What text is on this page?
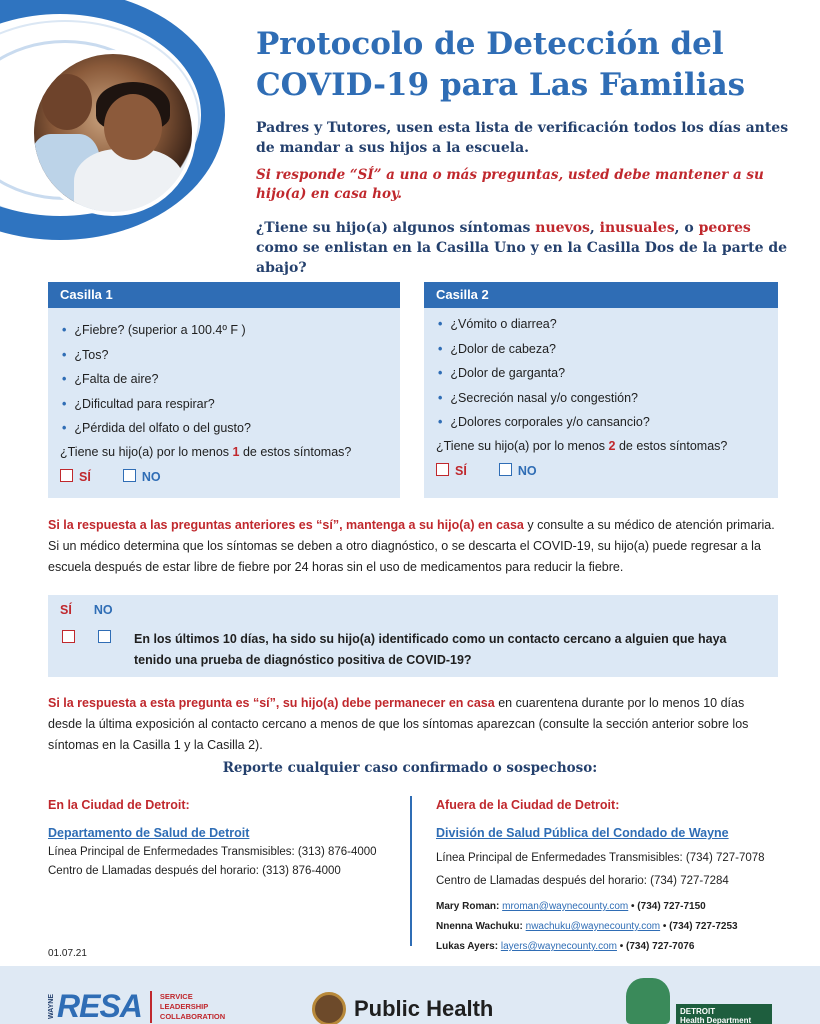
Protocolo de Detección del
COVID-19 para Las Familias
Padres y Tutores, usen esta lista de verificación todos los días antes de mandar a sus hijos a la escuela.
Si responde “SÍ” a una o más preguntas, usted debe mantener a su hijo(a) en casa hoy.
¿Tiene su hijo(a) algunos síntomas nuevos, inusuales, o peores como se enlistan en la Casilla Uno y en la Casilla Dos de la parte de abajo?
Casilla 1
• ¿Fiebre? (superior a 100.4º F )
• ¿Tos?
• ¿Falta de aire?
• ¿Dificultad para respirar?
• ¿Pérdida del olfato o del gusto?
¿Tiene su hijo(a) por lo menos 1 de estos síntomas?
SÍ	NO
Casilla 2
• ¿Vómito o diarrea?
• ¿Dolor de cabeza?
• ¿Dolor de garganta?
• ¿Secreción nasal y/o congestión?
• ¿Dolores corporales y/o cansancio?
¿Tiene su hijo(a) por lo menos 2 de estos síntomas?
SÍ	NO
Si la respuesta a las preguntas anteriores es “sí”, mantenga a su hijo(a) en casa y consulte a su médico de atención primaria. Si un médico determina que los síntomas se deben a otro diagnóstico, o se descarta el COVID-19, su hijo(a) puede regresar a la escuela después de estar libre de fiebre por 24 horas sin el uso de medicamentos para reducir la fiebre.
SÍ NO
En los últimos 10 días, ha sido su hijo(a) identificado como un contacto cercano a alguien que haya tenido una prueba de diagnóstico positiva de COVID-19?
Si la respuesta a esta pregunta es “sí”, su hijo(a) debe permanecer en casa en cuarentena durante por lo menos 10 días desde la última exposición al contacto cercano a menos de que los síntomas aparezcan (consulte la sección anterior sobre los síntomas en la Casilla 1 y la Casilla 2).
Reporte cualquier caso confirmado o sospechoso:
En la Ciudad de Detroit:
Departamento de Salud de Detroit
Línea Principal de Enfermedades Transmisibles: (313) 876-4000
Centro de Llamadas después del horario: (313) 876-4000
Afuera de la Ciudad de Detroit:
División de Salud Pública del Condado de Wayne
Línea Principal de Enfermedades Transmisibles: (734) 727-7078
Centro de Llamadas después del horario: (734) 727-7284
Mary Roman: mroman@waynecounty.com • (734) 727-7150
Nnenna Wachuku: nwachuku@waynecounty.com • (734) 727-7253
Lukas Ayers: layers@waynecounty.com • (734) 727-7076
01.07.21
WAYNE RESA SERVICE
LEADERSHIP
COLLABORATION	Public Health	DETROIT
Health Department
